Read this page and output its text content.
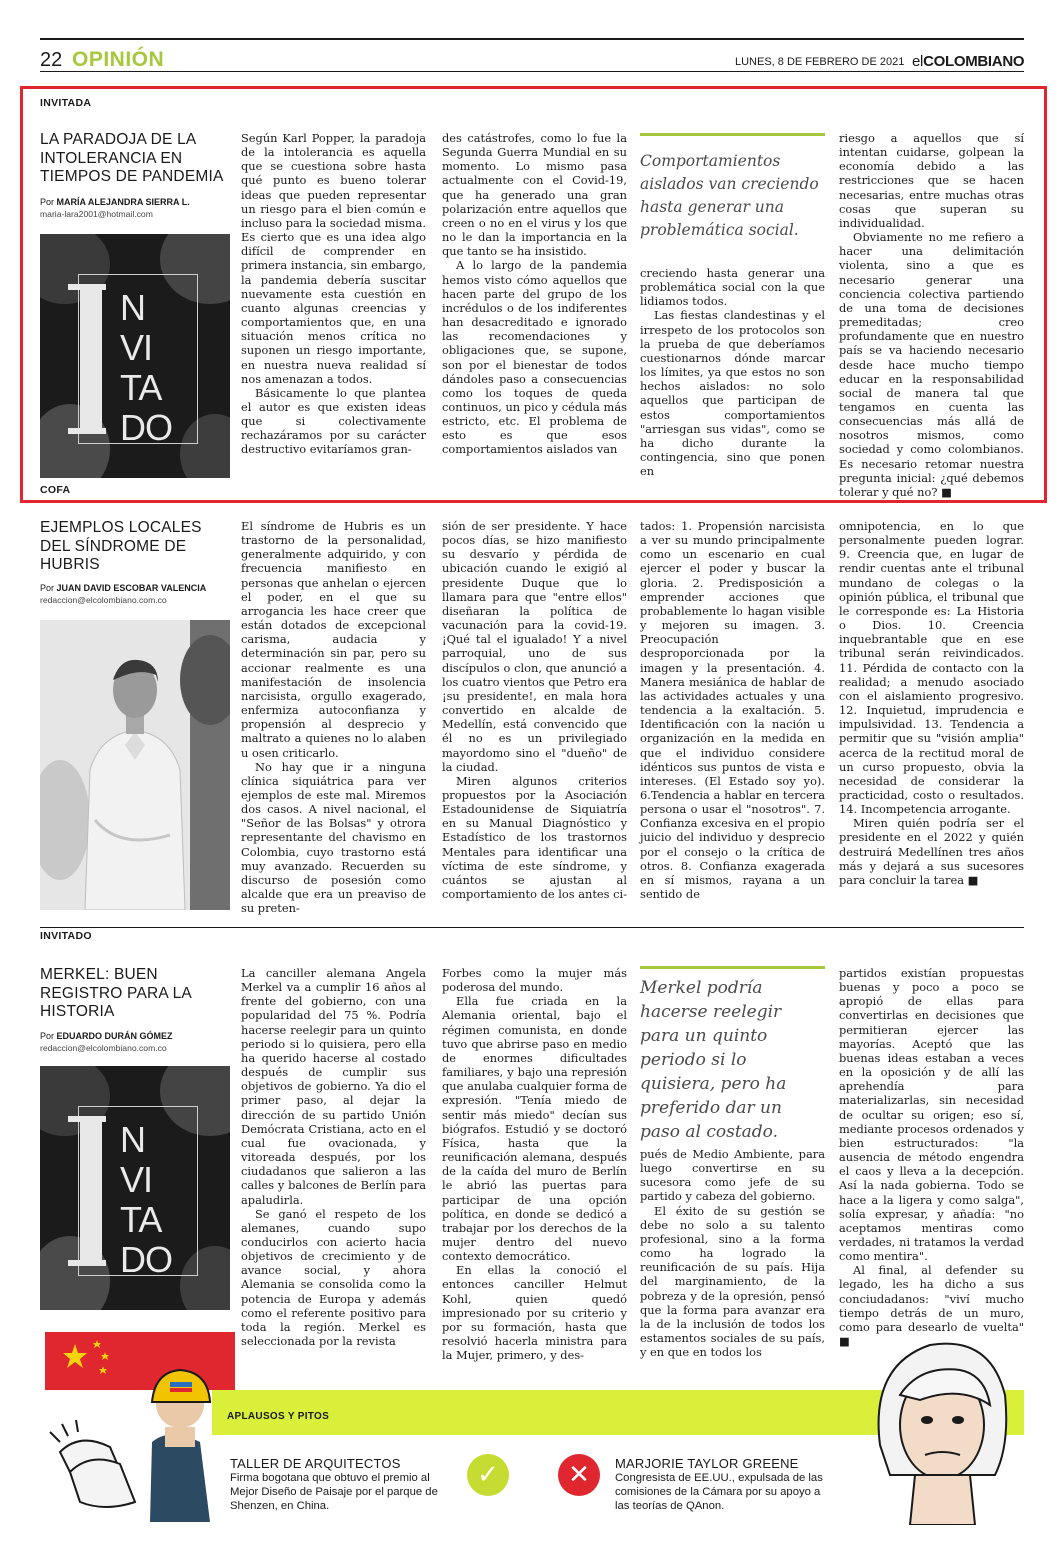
22 OPINIÓN	LUNES, 8 DE FEBRERO DE 2021 elCOLOMBIANO
INVITADA
LA PARADOJA DE LA INTOLERANCIA EN TIEMPOS DE PANDEMIA
Por MARÍA ALEJANDRA SIERRA L.
maria-lara2001@hotmail.com
N
VI
TA
DO

Según Karl Popper, la paradoja de la intolerancia es aquella que se cuestiona sobre hasta qué punto es bueno tolerar ideas que pueden representar un riesgo para el bien común e incluso para la sociedad misma. Es cierto que es una idea algo difícil de comprender en primera instancia, sin embargo, la pandemia debería suscitar nuevamente esta cuestión en cuanto algunas creencias y comportamientos que, en una situación menos crítica no suponen un riesgo importante, en nuestra nueva realidad sí nos amenazan a todos.

Básicamente lo que plantea el autor es que existen ideas que si colectivamente rechazáramos por su carácter destructivo evitaríamos gran-

des catástrofes, como lo fue la Segunda Guerra Mundial en su momento. Lo mismo pasa actualmente con el Covid-19, que ha generado una gran polarización entre aquellos que creen o no en el virus y los que no le dan la importancia en la que tanto se ha insistido.

A lo largo de la pandemia hemos visto cómo aquellos que hacen parte del grupo de los incrédulos o de los indiferentes han desacreditado e ignorado las recomendaciones y obligaciones que, se supone, son por el bienestar de todos dándoles paso a consecuencias como los toques de queda continuos, un pico y cédula más estricto, etc. El problema de esto es que esos comportamientos aislados van

Comportamientos aislados van creciendo hasta generar una problemática social.

creciendo hasta generar una problemática social con la que lidiamos todos.

Las fiestas clandestinas y el irrespeto de los protocolos son la prueba de que deberíamos cuestionarnos dónde marcar los límites, ya que estos no son hechos aislados: no solo aquellos que participan de estos comportamientos "arriesgan sus vidas", como se ha dicho durante la contingencia, sino que ponen en

riesgo a aquellos que sí intentan cuidarse, golpean la economía debido a las restricciones que se hacen necesarias, entre muchas otras cosas que superan su individualidad.

Obviamente no me refiero a hacer una delimitación violenta, sino a que es necesario generar una conciencia colectiva partiendo de una toma de decisiones premeditadas; creo profundamente que en nuestro país se va haciendo necesario desde hace mucho tiempo educar en la responsabilidad social de manera tal que tengamos en cuenta las consecuencias más allá de nosotros mismos, como sociedad y como colombianos. Es necesario retomar nuestra pregunta inicial: ¿qué debemos tolerar y qué no? ■

COFA
EJEMPLOS LOCALES DEL SÍNDROME DE HUBRIS
Por JUAN DAVID ESCOBAR VALENCIA
redaccion@elcolombiano.com.co

El síndrome de Hubris es un trastorno de la personalidad, generalmente adquirido, y con frecuencia manifiesto en personas que anhelan o ejercen el poder, en el que su arrogancia les hace creer que están dotados de excepcional carisma, audacia y determinación sin par, pero su accionar realmente es una manifestación de insolencia narcisista, orgullo exagerado, enfermiza autoconfianza y propensión al desprecio y maltrato a quienes no lo alaben u osen criticarlo.

No hay que ir a ninguna clínica siquiátrica para ver ejemplos de este mal. Miremos dos casos. A nivel nacional, el "Señor de las Bolsas" y otrora representante del chavismo en Colombia, cuyo trastorno está muy avanzado. Recuerden su discurso de posesión como alcalde que era un preaviso de su preten-

sión de ser presidente. Y hace pocos días, se hizo manifiesto su desvarío y pérdida de ubicación cuando le exigió al presidente Duque que lo llamara para que "entre ellos" diseñaran la política de vacunación para la covid-19. ¡Qué tal el igualado! Y a nivel parroquial, uno de sus discípulos o clon, que anunció a los cuatro vientos que Petro era ¡su presidente!, en mala hora convertido en alcalde de Medellín, está convencido que él no es un privilegiado mayordomo sino el "dueño" de la ciudad.

Miren algunos criterios propuestos por la Asociación Estadounidense de Siquiatría en su Manual Diagnóstico y Estadístico de los trastornos Mentales para identificar una víctima de este síndrome, y cuántos se ajustan al comportamiento de los antes ci-

tados: 1. Propensión narcisista a ver su mundo principalmente como un escenario en cual ejercer el poder y buscar la gloria. 2. Predisposición a emprender acciones que probablemente lo hagan visible y mejoren su imagen. 3. Preocupación desproporcionada por la imagen y la presentación. 4. Manera mesiánica de hablar de las actividades actuales y una tendencia a la exaltación. 5. Identificación con la nación u organización en la medida en que el individuo considere idénticos sus puntos de vista e intereses. (El Estado soy yo). 6.Tendencia a hablar en tercera persona o usar el "nosotros". 7. Confianza excesiva en el propio juicio del individuo y desprecio por el consejo o la crítica de otros. 8. Confianza exagerada en sí mismos, rayana a un sentido de

omnipotencia, en lo que personalmente pueden lograr. 9. Creencia que, en lugar de rendir cuentas ante el tribunal mundano de colegas o la opinión pública, el tribunal que le corresponde es: La Historia o Dios. 10. Creencia inquebrantable que en ese tribunal serán reivindicados. 11. Pérdida de contacto con la realidad; a menudo asociado con el aislamiento progresivo. 12. Inquietud, imprudencia e impulsividad. 13. Tendencia a permitir que su "visión amplia" acerca de la rectitud moral de un curso propuesto, obvia la necesidad de considerar la practicidad, costo o resultados. 14. Incompetencia arrogante.

Miren quién podría ser el presidente en el 2022 y quién destruirá Medellínen tres años más y dejará a sus sucesores para concluir la tarea ■

INVITADO
MERKEL: BUEN REGISTRO PARA LA HISTORIA
Por EDUARDO DURÁN GÓMEZ
redaccion@elcolombiano.com.co
N
VI
TA
DO

La canciller alemana Angela Merkel va a cumplir 16 años al frente del gobierno, con una popularidad del 75 %. Podría hacerse reelegir para un quinto periodo si lo quisiera, pero ella ha querido hacerse al costado después de cumplir sus objetivos de gobierno. Ya dio el primer paso, al dejar la dirección de su partido Unión Demócrata Cristiana, acto en el cual fue ovacionada, y vitoreada después, por los ciudadanos que salieron a las calles y balcones de Berlín para apaludirla.

Se ganó el respeto de los alemanes, cuando supo conducirlos con acierto hacia objetivos de crecimiento y de avance social, y ahora Alemania se consolida como la potencia de Europa y además como el referente positivo para toda la región. Merkel es seleccionada por la revista

Forbes como la mujer más poderosa del mundo.

Ella fue criada en la Alemania oriental, bajo el régimen comunista, en donde tuvo que abrirse paso en medio de enormes dificultades familiares, y bajo una represión que anulaba cualquier forma de expresión. "Tenía miedo de sentir más miedo" decían sus biógrafos. Estudió y se doctoró Física, hasta que la reunificación alemana, después de la caída del muro de Berlín le abrió las puertas para participar de una opción política, en donde se dedicó a trabajar por los derechos de la mujer dentro del nuevo contexto democrático.

En ellas la conoció el entonces canciller Helmut Kohl, quien quedó impresionado por su criterio y por su formación, hasta que resolvió hacerla ministra para la Mujer, primero, y des-

Merkel podría hacerse reelegir para un quinto periodo si lo quisiera, pero ha preferido dar un paso al costado.

pués de Medio Ambiente, para luego convertirse en su sucesora como jefe de su partido y cabeza del gobierno.

El éxito de su gestión se debe no solo a su talento profesional, sino a la forma como ha logrado la reunificación de su país. Hija del marginamiento, de la pobreza y de la opresión, pensó que la forma para avanzar era la de la inclusión de todos los estamentos sociales de su país, y en que en todos los

partidos existían propuestas buenas y poco a poco se apropió de ellas para convertirlas en decisiones que permitieran ejercer las mayorías. Aceptó que las buenas ideas estaban a veces en la oposición y de allí las aprehendía para materializarlas, sin necesidad de ocultar su origen; eso sí, mediante procesos ordenados y bien estructurados: "la ausencia de método engendra el caos y lleva a la decepción. Así la nada gobierna. Todo se hace a la ligera y como salga", solía expresar, y añadía: "no aceptamos mentiras como verdades, ni tratamos la verdad como mentira".

Al final, al defender su legado, les ha dicho a sus conciudadanos: "viví mucho tiempo detrás de un muro, como para desearlo de vuelta" ■

APLAUSOS Y PITOS
TALLER DE ARQUITECTOS
Firma bogotana que obtuvo el premio al Mejor Diseño de Paisaje por el parque de Shenzen, en China.
✓	✕	MARJORIE TAYLOR GREENE
Congresista de EE.UU., expulsada de las comisiones de la Cámara por su apoyo a las teorías de QAnon.
